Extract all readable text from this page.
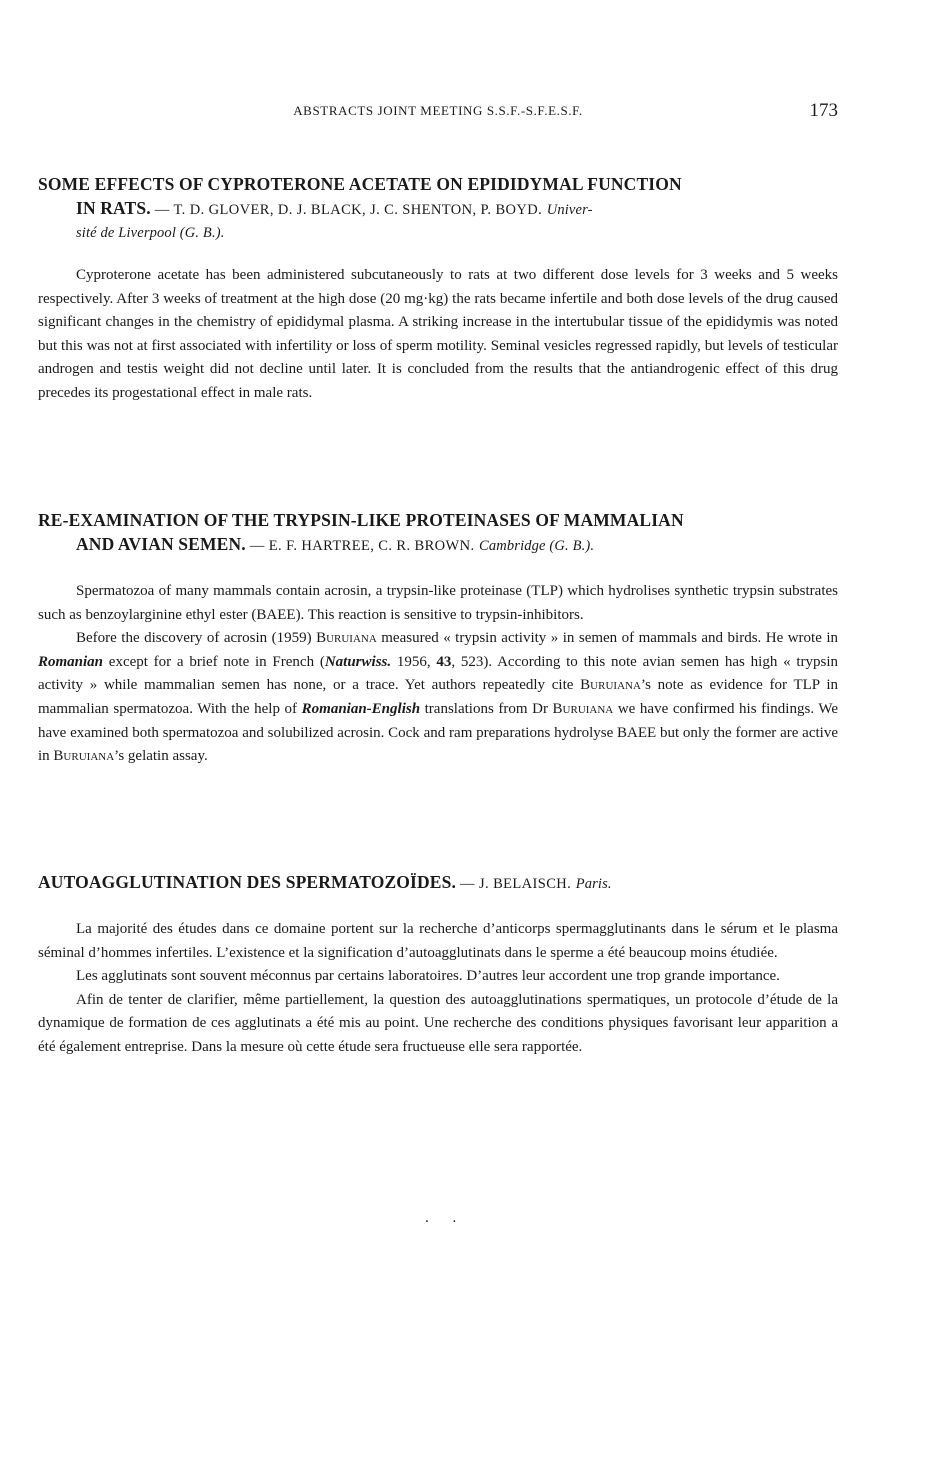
ABSTRACTS JOINT MEETING S.S.F.-S.F.E.S.F.	173
SOME EFFECTS OF CYPROTERONE ACETATE ON EPIDIDYMAL FUNCTION
IN RATS. — T. D. GLOVER, D. J. BLACK, J. C. SHENTON, P. BOYD. Univer-
sité de Liverpool (G. B.).

Cyproterone acetate has been administered subcutaneously to rats at two different dose levels for 3 weeks and 5 weeks respectively. After 3 weeks of treatment at the high dose (20 mg·kg) the rats became infertile and both dose levels of the drug caused significant changes in the chemistry of epididymal plasma. A striking increase in the intertubular tissue of the epididymis was noted but this was not at first associated with infertility or loss of sperm motility. Seminal vesicles regressed rapidly, but levels of testicular androgen and testis weight did not decline until later. It is concluded from the results that the antiandrogenic effect of this drug precedes its progestational effect in male rats.

RE-EXAMINATION OF THE TRYPSIN-LIKE PROTEINASES OF MAMMALIAN
AND AVIAN SEMEN. — E. F. HARTREE, C. R. BROWN. Cambridge (G. B.).

Spermatozoa of many mammals contain acrosin, a trypsin-like proteinase (TLP) which hydrolises synthetic trypsin substrates such as benzoylarginine ethyl ester (BAEE). This reaction is sensitive to trypsin-inhibitors.

Before the discovery of acrosin (1959) Buruiana measured « trypsin activity » in semen of mammals and birds. He wrote in Romanian except for a brief note in French (Naturwiss. 1956, 43, 523). According to this note avian semen has high « trypsin activity » while mammalian semen has none, or a trace. Yet authors repeatedly cite Buruiana’s note as evidence for TLP in mammalian spermatozoa. With the help of Romanian-English translations from Dr Buruiana we have confirmed his findings. We have examined both spermatozoa and solubilized acrosin. Cock and ram preparations hydrolyse BAEE but only the former are active in Buruiana’s gelatin assay.

AUTOAGGLUTINATION DES SPERMATOZOÏDES. — J. BELAISCH. Paris.

La majorité des études dans ce domaine portent sur la recherche d’anticorps spermagglutinants dans le sérum et le plasma séminal d’hommes infertiles. L’existence et la signification d’autoagglutinats dans le sperme a été beaucoup moins étudiée.

Les agglutinats sont souvent méconnus par certains laboratoires. D’autres leur accordent une trop grande importance.

Afin de tenter de clarifier, même partiellement, la question des autoagglutinations spermatiques, un protocole d’étude de la dynamique de formation de ces agglutinats a été mis au point. Une recherche des conditions physiques favorisant leur apparition a été également entreprise. Dans la mesure où cette étude sera fructueuse elle sera rapportée.

. .
